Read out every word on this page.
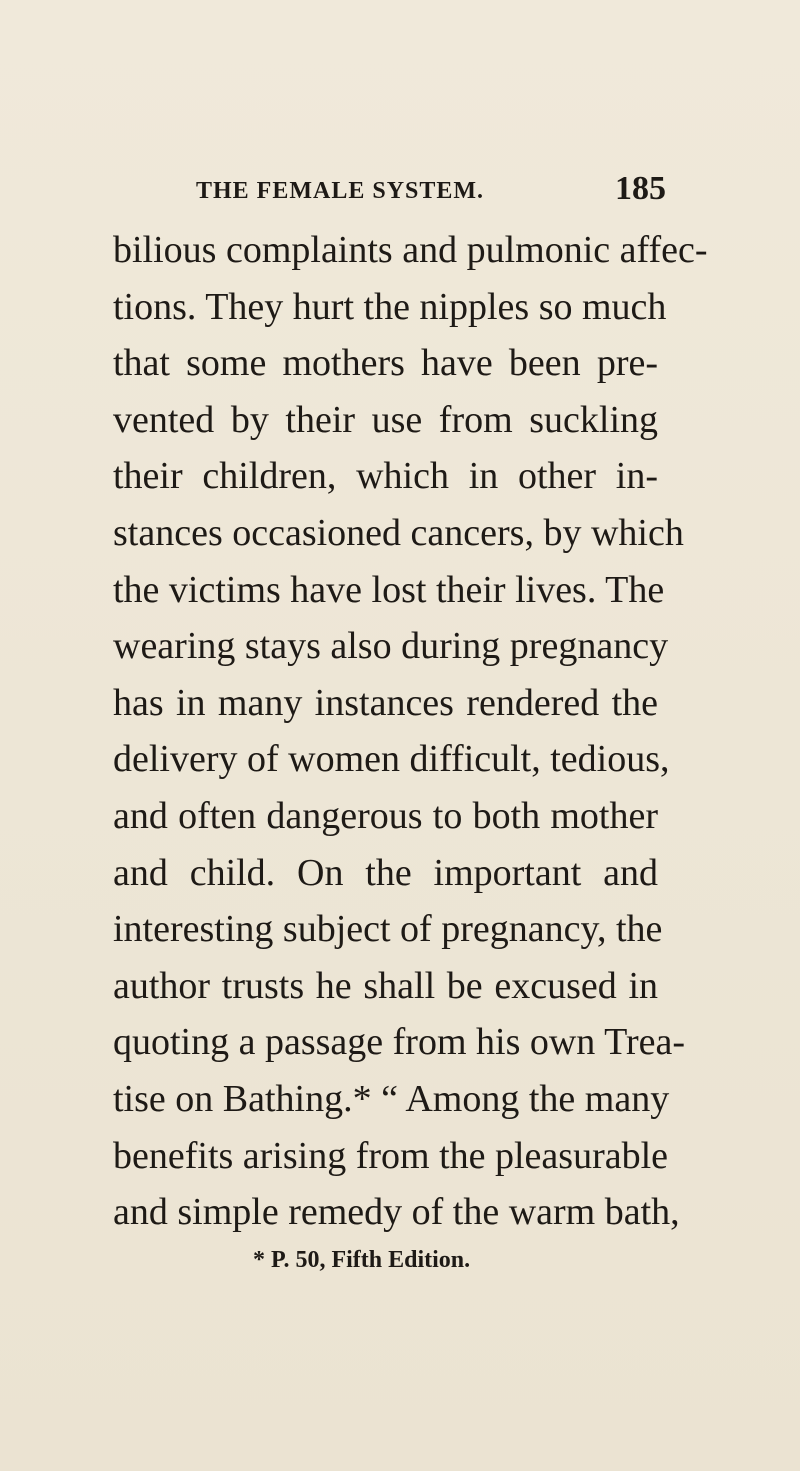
THE FEMALE SYSTEM.	185
bilious complaints and pulmonic affec-
tions. They hurt the nipples so much
that some mothers have been pre-
vented by their use from suckling
their children, which in other in-
stances occasioned cancers, by which
the victims have lost their lives. The
wearing stays also during pregnancy
has in many instances rendered the
delivery of women difficult, tedious,
and often dangerous to both mother
and child. On the important and
interesting subject of pregnancy, the
author trusts he shall be excused in
quoting a passage from his own Trea-
tise on Bathing.* “ Among the many
benefits arising from the pleasurable
and simple remedy of the warm bath,
* P. 50, Fifth Edition.
